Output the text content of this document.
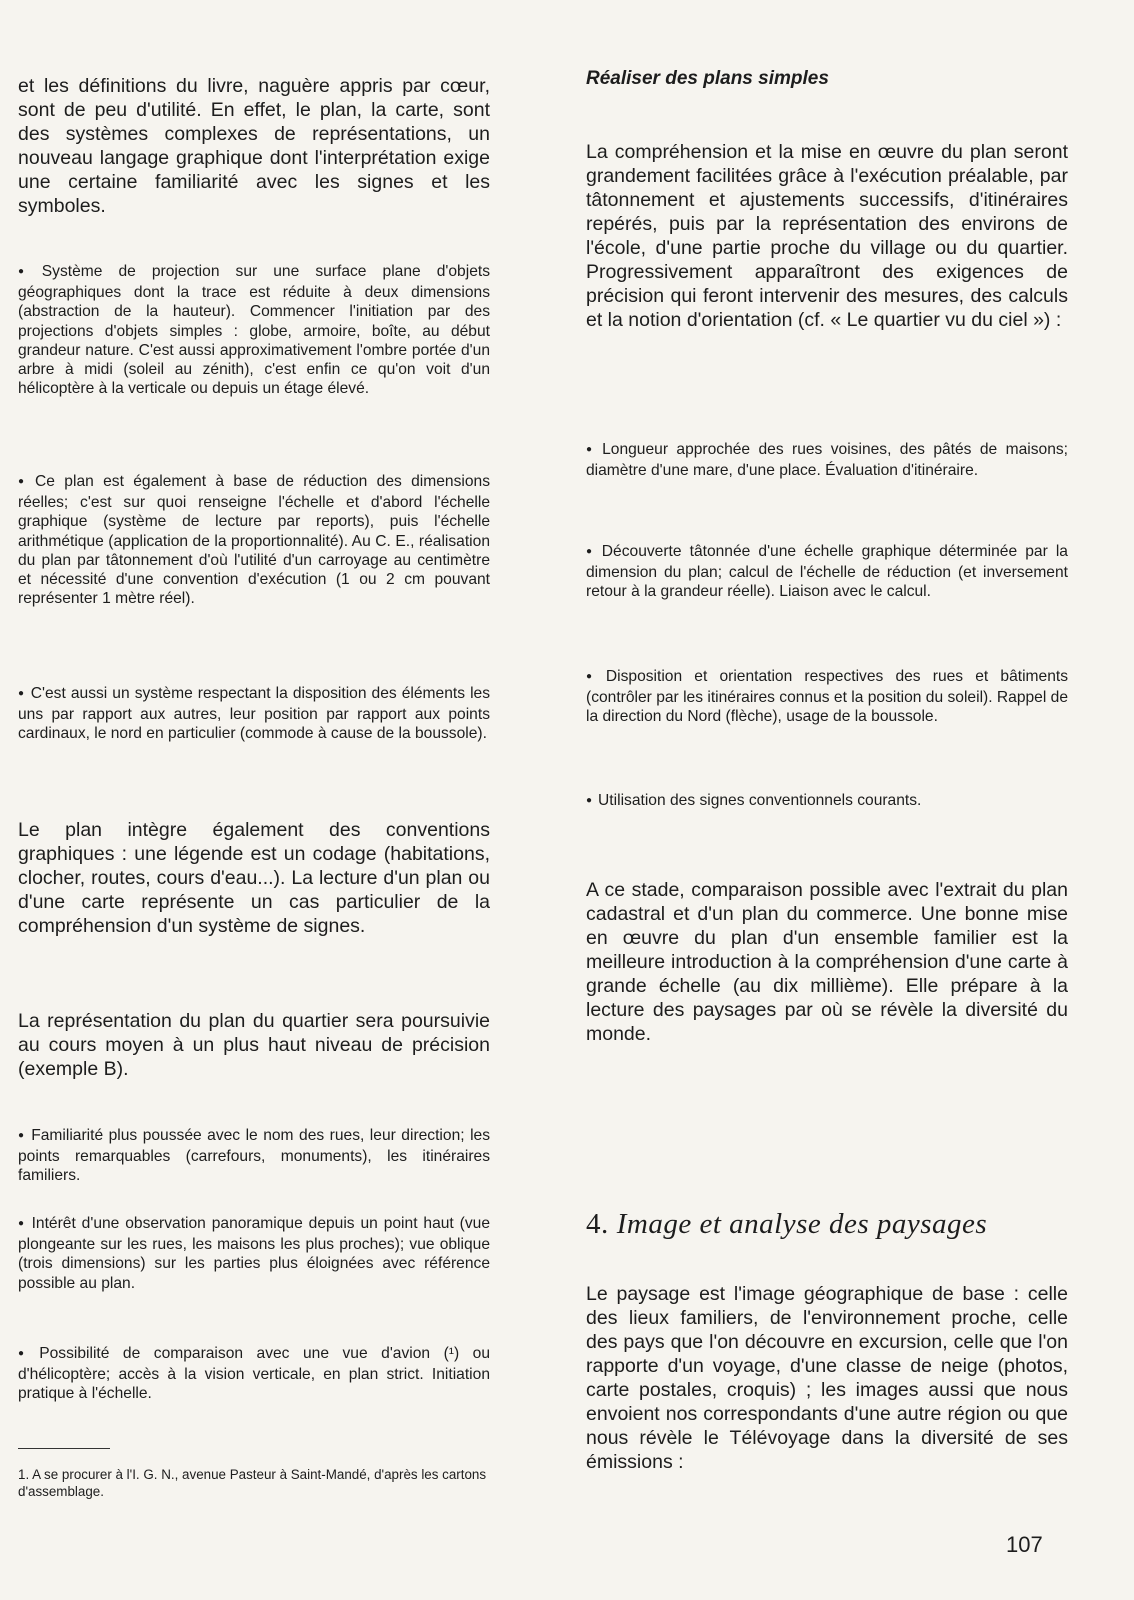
et les définitions du livre, naguère appris par cœur, sont de peu d'utilité. En effet, le plan, la carte, sont des systèmes complexes de représentations, un nouveau langage graphique dont l'interprétation exige une certaine familiarité avec les signes et les symboles.

● Système de projection sur une surface plane d'objets géographiques dont la trace est réduite à deux dimensions (abstraction de la hauteur). Commencer l'initiation par des projections d'objets simples : globe, armoire, boîte, au début grandeur nature. C'est aussi approximativement l'ombre portée d'un arbre à midi (soleil au zénith), c'est enfin ce qu'on voit d'un hélicoptère à la verticale ou depuis un étage élevé.

● Ce plan est également à base de réduction des dimensions réelles; c'est sur quoi renseigne l'échelle et d'abord l'échelle graphique (système de lecture par reports), puis l'échelle arithmétique (application de la proportionnalité). Au C. E., réalisation du plan par tâtonnement d'où l'utilité d'un carroyage au centimètre et nécessité d'une convention d'exécution (1 ou 2 cm pouvant représenter 1 mètre réel).

● C'est aussi un système respectant la disposition des éléments les uns par rapport aux autres, leur position par rapport aux points cardinaux, le nord en particulier (commode à cause de la boussole).

Le plan intègre également des conventions graphiques : une légende est un codage (habitations, clocher, routes, cours d'eau...). La lecture d'un plan ou d'une carte représente un cas particulier de la compréhension d'un système de signes.

La représentation du plan du quartier sera poursuivie au cours moyen à un plus haut niveau de précision (exemple B).

● Familiarité plus poussée avec le nom des rues, leur direction; les points remarquables (carrefours, monuments), les itinéraires familiers.

● Intérêt d'une observation panoramique depuis un point haut (vue plongeante sur les rues, les maisons les plus proches); vue oblique (trois dimensions) sur les parties plus éloignées avec référence possible au plan.

● Possibilité de comparaison avec une vue d'avion (¹) ou d'hélicoptère; accès à la vision verticale, en plan strict. Initiation pratique à l'échelle.

1. A se procurer à l'I. G. N., avenue Pasteur à Saint-Mandé, d'après les cartons d'assemblage.

Réaliser des plans simples

La compréhension et la mise en œuvre du plan seront grandement facilitées grâce à l'exécution préalable, par tâtonnement et ajustements successifs, d'itinéraires repérés, puis par la représentation des environs de l'école, d'une partie proche du village ou du quartier. Progressivement apparaîtront des exigences de précision qui feront intervenir des mesures, des calculs et la notion d'orientation (cf. « Le quartier vu du ciel ») :

● Longueur approchée des rues voisines, des pâtés de maisons; diamètre d'une mare, d'une place. Évaluation d'itinéraire.

● Découverte tâtonnée d'une échelle graphique déterminée par la dimension du plan; calcul de l'échelle de réduction (et inversement retour à la grandeur réelle). Liaison avec le calcul.

● Disposition et orientation respectives des rues et bâtiments (contrôler par les itinéraires connus et la position du soleil). Rappel de la direction du Nord (flèche), usage de la boussole.

● Utilisation des signes conventionnels courants.

A ce stade, comparaison possible avec l'extrait du plan cadastral et d'un plan du commerce. Une bonne mise en œuvre du plan d'un ensemble familier est la meilleure introduction à la compréhension d'une carte à grande échelle (au dix millième). Elle prépare à la lecture des paysages par où se révèle la diversité du monde.

4. Image et analyse des paysages

Le paysage est l'image géographique de base : celle des lieux familiers, de l'environnement proche, celle des pays que l'on découvre en excursion, celle que l'on rapporte d'un voyage, d'une classe de neige (photos, carte postales, croquis) ; les images aussi que nous envoient nos correspondants d'une autre région ou que nous révèle le Télévoyage dans la diversité de ses émissions :

107
